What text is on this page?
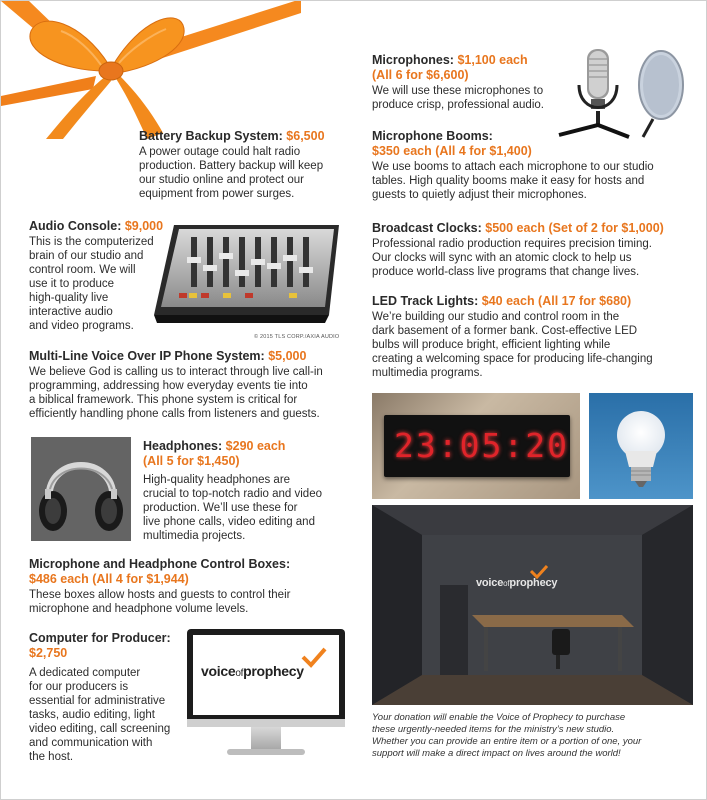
Battery Backup System: $6,500

A power outage could halt radio
production. Battery backup will keep
our studio online and protect our
equipment from power surges.

Audio Console: $9,000

This is the computerized
brain of our studio and
control room. We will
use it to produce
high-quality live
interactive audio
and video programs.

© 2015 TLS CORP./AXIA AUDIO
Multi-Line Voice Over IP Phone System: $5,000

We believe God is calling us to interact through live call-in
programming, addressing how everyday events tie into
a biblical framework. This phone system is critical for
efficiently handling phone calls from listeners and guests.

Headphones: $290 each
(All 5 for $1,450)

High-quality headphones are
crucial to top-notch radio and video
production. We’ll use these for
live phone calls, video editing and
multimedia projects.

Microphone and Headphone Control Boxes:
$486 each (All 4 for $1,944)

These boxes allow hosts and guests to control their
microphone and headphone volume levels.

Computer for Producer:
$2,750

A dedicated computer
for our producers is
essential for administrative
tasks, audio editing, light
video editing, call screening
and communication with
the host.

voiceofprophecy
Microphones: $1,100 each
(All 6 for $6,600)

We will use these microphones to
produce crisp, professional audio.

Microphone Booms:
$350 each (All 4 for $1,400)

We use booms to attach each microphone to our studio
tables. High quality booms make it easy for hosts and
guests to quietly adjust their microphones.

Broadcast Clocks: $500 each (Set of 2 for $1,000)

Professional radio production requires precision timing.
Our clocks will sync with an atomic clock to help us
produce world-class live programs that change lives.

LED Track Lights: $40 each (All 17 for $680)

We’re building our studio and control room in the
dark basement of a former bank. Cost-effective LED
bulbs will produce bright, efficient lighting while
creating a welcoming space for producing life-changing
multimedia programs.

23:05:20
voiceofprophecy
Your donation will enable the Voice of Prophecy to purchase
these urgently-needed items for the ministry’s new studio.
Whether you can provide an entire item or a portion of one, your
support will make a direct impact on lives around the world!
